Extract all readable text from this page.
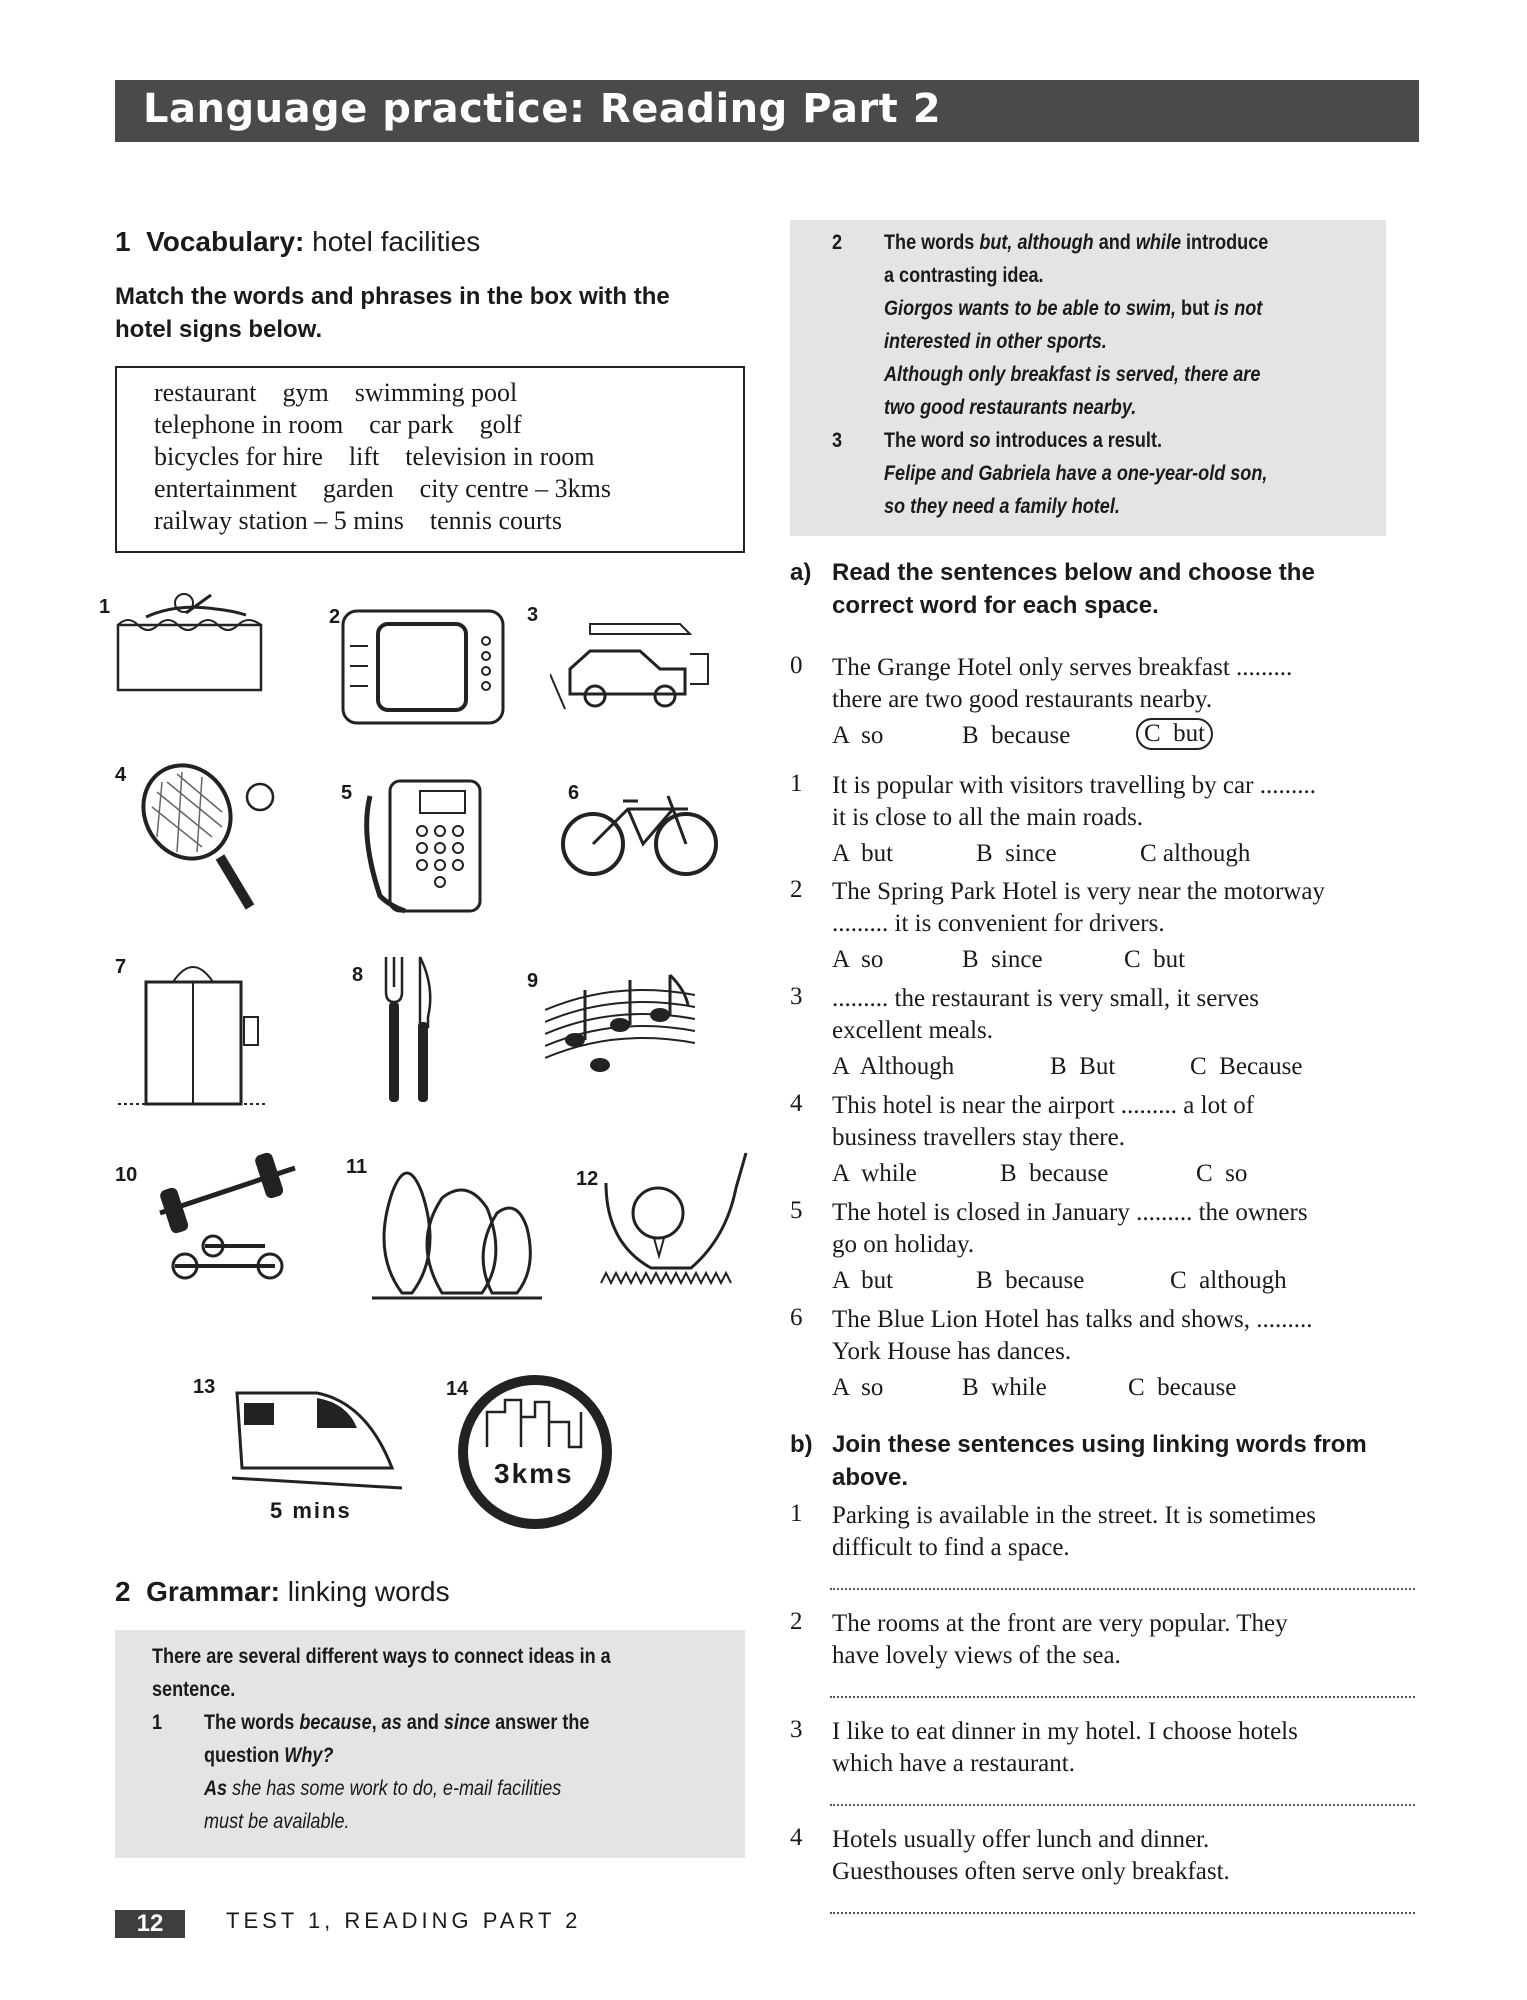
Language practice: Reading Part 2
1 Vocabulary: hotel facilities
Match the words and phrases in the box with the
hotel signs below.
restaurant    gym    swimming pool
telephone in room    car park    golf
bicycles for hire    lift    television in room
entertainment    garden    city centre – 3kms
railway station – 5 mins    tennis courts
1	2	3
4
5	6
7	8	9
10	11
12
13	14
5 mins
3kms
2 Grammar: linking words
There are several different ways to connect ideas in a
sentence.
1 The words because, as and since answer the
question Why?
As she has some work to do, e-mail facilities
must be available.
2 The words but, although and while introduce
a contrasting idea.
Giorgos wants to be able to swim, but is not
interested in other sports.
Although only breakfast is served, there are
two good restaurants nearby.
3 The word so introduces a result.
Felipe and Gabriela have a one-year-old son,
so they need a family hotel.
a) Read the sentences below and choose the
correct word for each space.
0 The Grange Hotel only serves breakfast .........
there are two good restaurants nearby.
A  so	B  because	C  but
1 It is popular with visitors travelling by car .........
it is close to all the main roads.
A  but	B  since	C although
2 The Spring Park Hotel is very near the motorway
......... it is convenient for drivers.
A  so	B  since	C  but
3 ......... the restaurant is very small, it serves
excellent meals.
A  Although	B  But	C  Because
4 This hotel is near the airport ......... a lot of
business travellers stay there.
A  while	B  because	C  so
5 The hotel is closed in January ......... the owners
go on holiday.
A  but	B  because	C  although
6 The Blue Lion Hotel has talks and shows, .........
York House has dances.
A  so	B  while	C  because
b) Join these sentences using linking words from
above.
1 Parking is available in the street. It is sometimes
difficult to find a space.
2 The rooms at the front are very popular. They
have lovely views of the sea.
3 I like to eat dinner in my hotel. I choose hotels
which have a restaurant.
4 Hotels usually offer lunch and dinner.
Guesthouses often serve only breakfast.
12	TEST 1, READING PART 2
